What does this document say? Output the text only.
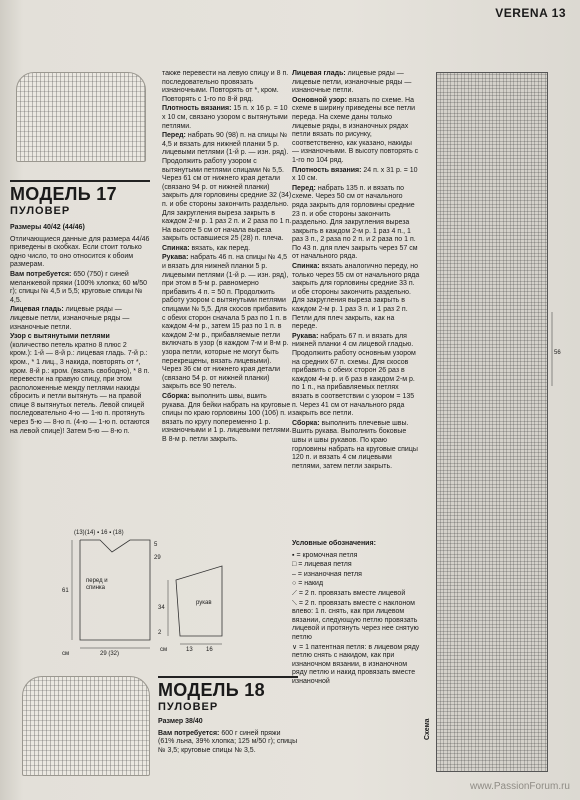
VERENA 13
МОДЕЛЬ 17
ПУЛОВЕР

Размеры 40/42 (44/46)

Отличающиеся данные для размера 44/46 приведены в скобках. Если стоит только одно число, то оно относится к обоим размерам.

Вам потребуется: 650 (750) г синей меланжевой пряжи (100% хлопка; 60 м/50 г); спицы № 4,5 и 5,5; круговые спицы № 4,5.

Лицевая гладь: лицевые ряды — лицевые петли, изнаночные ряды — изнаночные петли.

Узор с вытянутыми петлями (количество петель кратно 8 плюс 2 кром.): 1-й — 8-й р.: лицевая гладь. 7-й р.: кром., * 1 лиц., 3 накида, повторять от *, кром. 8-й р.: кром. (вязать свободно), * 8 п. перевести на правую спицу, при этом расположенные между петлями накиды сбросить и петли вытянуть — на правой спице 8 вытянутых петель. Левой спицей последовательно 4-ю — 1-ю п. протянуть через 5-ю — 8-ю п. (4-ю — 1-ю п. остаются на левой спице)! Затем 5-ю — 8-ю п.

также перевести на левую спицу и 8 п. последовательно провязать изнаночными. Повторять от *, кром. Повторять с 1-го по 8-й ряд.

Плотность вязания: 15 п. x 16 р. = 10 x 10 см, связано узором с вытянутыми петлями.

Перед: набрать 90 (98) п. на спицы № 4,5 и вязать для нижней планки 5 р. лицевыми петлями (1-й р. — изн. ряд). Продолжить работу узором с вытянутыми петлями спицами № 5,5. Через 61 см от нижнего края детали (связано 94 р. от нижней планки) закрыть для горловины средние 32 (34) п. и обе стороны закончить раздельно. Для закругления выреза закрыть в каждом 2-м р. 1 раз 2 п. и 2 раза по 1 п. На высоте 5 см от начала выреза закрыть оставшиеся 25 (28) п. плеча.

Спинка: вязать, как перед.

Рукава: набрать 46 п. на спицы № 4,5 и вязать для нижней планки 5 р. лицевыми петлями (1-й р. — изн. ряд), при этом в 5-м р. равномерно прибавить 4 п. = 50 п. Продолжить работу узором с вытянутыми петлями спицами № 5,5. Для скосов прибавить с обеих сторон сначала 5 раз по 1 п. в каждом 4-м р., затем 15 раз по 1 п. в каждом 2-м р., прибавляемые петли включать в узор (в каждом 7-м и 8-м р. узора петли, которые не могут быть перекрещены, вязать лицевыми). Через 36 см от нижнего края детали (связано 54 р. от нижней планки) закрыть все 90 петель.

Сборка: выполнить швы, вшить рукава. Для бейки набрать на круговые спицы по краю горловины 100 (106) п. и вязать по кругу попеременно 1 р. изнаночными и 1 р. лицевыми петлями. В 8-м р. петли закрыть.

(13)(14) ▪ 16 ▪ (18)
перед и спинка
29
5
61
29 (32)
см
рукав
34
2
13 16
см
МОДЕЛЬ 18
ПУЛОВЕР

Размер 38/40

Вам потребуется: 600 г синей пряжи (61% льна, 39% хлопка; 125 м/50 г); спицы № 3,5; круговые спицы № 3,5.

Лицевая гладь: лицевые ряды — лицевые петли, изнаночные ряды — изнаночные петли.

Основной узор: вязать по схеме. На схеме в ширину приведены все петли переда. На схеме даны только лицевые ряды, в изнаночных рядах петли вязать по рисунку, соответственно, как указано, накиды — изнаночными. В высоту повторять с 1-го по 104 ряд.

Плотность вязания: 24 п. x 31 р. = 10 x 10 см.

Перед: набрать 135 п. и вязать по схеме. Через 50 см от начального ряда закрыть для горловины средние 23 п. и обе стороны закончить раздельно. Для закругления выреза закрыть в каждом 2-м р. 1 раз 4 п., 1 раз 3 п., 2 раза по 2 п. и 2 раза по 1 п. По 43 п. для плеч закрыть через 57 см от начального ряда.

Спинка: вязать аналогично переду, но только через 55 см от начального ряда закрыть для горловины средние 33 п. и обе стороны закончить раздельно. Для закругления выреза закрыть в каждом 2-м р. 1 раз 3 п. и 1 раз 2 п. Петли для плеч закрыть, как на переде.

Рукава: набрать 67 п. и вязать для нижней планки 4 см лицевой гладью. Продолжить работу основным узором на средних 67 п. схемы. Для скосов прибавить с обеих сторон 26 раз в каждом 4-м р. и 6 раз в каждом 2-м р. по 1 п., на прибавляемых петлях вязать в соответствии с узором = 135 п. Через 41 см от начального ряда закрыть все петли.

Сборка: выполнить плечевые швы. Вшить рукава. Выполнить боковые швы и швы рукавов. По краю горловины набрать на круговые спицы 120 п. и вязать 4 см лицевыми петлями, затем петли закрыть.

Условные обозначения:

▪ = кромочная петля

□ = лицевая петля

– = изнаночная петля

○ = накид

⟋ = 2 п. провязать вместе лицевой

⟍ = 2 п. провязать вместе с наклоном влево: 1 п. снять, как при лицевом вязании, следующую петлю провязать лицевой и протянуть через нее снятую петлю

∨ = 1 патентная петля: в лицевом ряду петлю снять с накидом, как при изнаночном вязании, в изнаночном ряду петлю и накид провязать вместе изнаночной

56
Схема
www.PassionForum.ru
